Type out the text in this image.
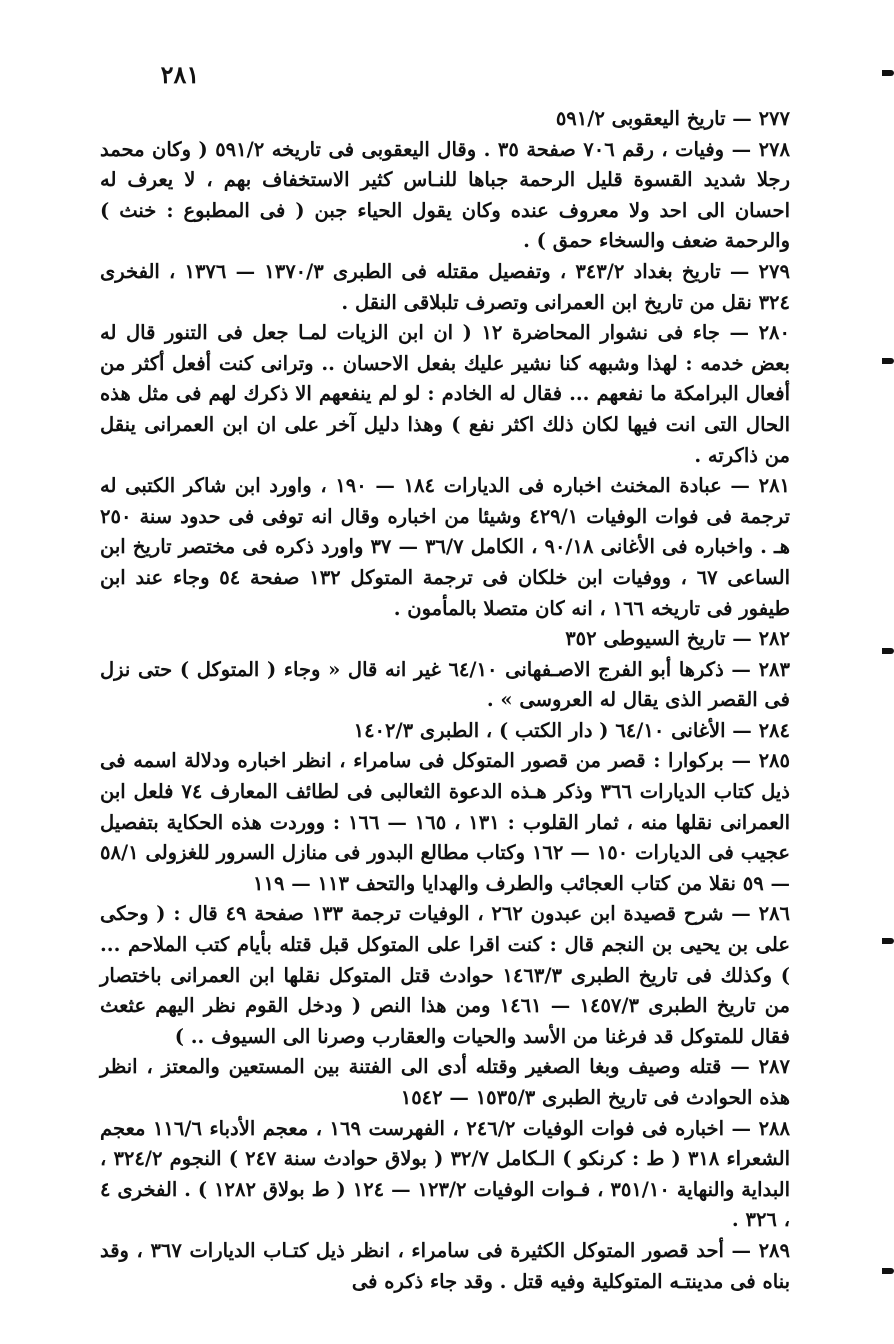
٢٨١

٢٧٧ — تاريخ اليعقوبى ٥٩١/٢

٢٧٨ — وفيات ، رقم ٧٠٦ صفحة ٣٥ . وقال اليعقوبى فى تاريخه ٥٩١/٢ ( وكان محمد رجلا شديد القسوة قليل الرحمة جباها للنـاس كثير الاستخفاف بهم ، لا يعرف له احسان الى احد ولا معروف عنده وكان يقول الحياء جبن ( فى المطبوع : خنث ) والرحمة ضعف والسخاء حمق ) .

٢٧٩ — تاريخ بغداد ٣٤٣/٢ ، وتفصيل مقتله فى الطبرى ١٣٧٠/٣ — ١٣٧٦ ، الفخرى ٣٢٤ نقل من تاريخ ابن العمرانى وتصرف تلبلاقى النقل .

٢٨٠ — جاء فى نشوار المحاضرة ١٢ ( ان ابن الزيات لمـا جعل فى التنور قال له بعض خدمه : لهذا وشبهه كنا نشير عليك بفعل الاحسان .. وترانى كنت أفعل أكثر من أفعال البرامكة ما نفعهم ... فقال له الخادم : لو لم ينفعهم الا ذكرك لهم فى مثل هذه الحال التى انت فيها لكان ذلك اكثر نفع ) وهذا دليل آخر على ان ابن العمرانى ينقل من ذاكرته .

٢٨١ — عبادة المخنث اخباره فى الديارات ١٨٤ — ١٩٠ ، واورد ابن شاكر الكتبى له ترجمة فى فوات الوفيات ٤٢٩/١ وشيئا من اخباره وقال انه توفى فى حدود سنة ٢٥٠ هـ . واخباره فى الأغانى ٩٠/١٨ ، الكامل ٣٦/٧ — ٣٧ واورد ذكره فى مختصر تاريخ ابن الساعى ٦٧ ، ووفيات ابن خلكان فى ترجمة المتوكل ١٣٢ صفحة ٥٤ وجاء عند ابن طيفور فى تاريخه ١٦٦ ، انه كان متصلا بالمأمون .

٢٨٢ — تاريخ السيوطى ٣٥٢

٢٨٣ — ذكرها أبو الفرج الاصـفهانى ٦٤/١٠ غير انه قال « وجاء ( المتوكل ) حتى نزل فى القصر الذى يقال له العروسى » .

٢٨٤ — الأغانى ٦٤/١٠ ( دار الكتب ) ، الطبرى ١٤٠٢/٣

٢٨٥ — بركوارا : قصر من قصور المتوكل فى سامراء ، انظر اخباره ودلالة اسمه فى ذيل كتاب الديارات ٣٦٦ وذكر هـذه الدعوة الثعالبى فى لطائف المعارف ٧٤ فلعل ابن العمرانى نقلها منه ، ثمار القلوب : ١٣١ ، ١٦٥ — ١٦٦ : ووردت هذه الحكاية بتفصيل عجيب فى الديارات ١٥٠ — ١٦٢ وكتاب مطالع البدور فى منازل السرور للغزولى ٥٨/١ — ٥٩ نقلا من كتاب العجائب والطرف والهدايا والتحف ١١٣ — ١١٩

٢٨٦ — شرح قصيدة ابن عبدون ٢٦٢ ، الوفيات ترجمة ١٣٣ صفحة ٤٩ قال : ( وحكى على بن يحيى بن النجم قال : كنت اقرا على المتوكل قبل قتله بأيام كتب الملاحم ... ) وكذلك فى تاريخ الطبرى ١٤٦٣/٣ حوادث قتل المتوكل نقلها ابن العمرانى باختصار من تاريخ الطبرى ١٤٥٧/٣ — ١٤٦١ ومن هذا النص ( ودخل القوم نظر اليهم عثعث فقال للمتوكل قد فرغنا من الأسد والحيات والعقارب وصرنا الى السيوف .. )

٢٨٧ — قتله وصيف وبغا الصغير وقتله أدى الى الفتنة بين المستعين والمعتز ، انظر هذه الحوادث فى تاريخ الطبرى ١٥٣٥/٣ — ١٥٤٢

٢٨٨ — اخباره فى فوات الوفيات ٢٤٦/٢ ، الفهرست ١٦٩ ، معجم الأدباء ١١٦/٦ معجم الشعراء ٣١٨ ( ط : كرنكو ) الـكامل ٣٢/٧ ( بولاق حوادث سنة ٢٤٧ ) النجوم ٣٢٤/٢ ، البداية والنهاية ٣٥١/١٠ ، فـوات الوفيات ١٢٣/٢ — ١٢٤ ( ط بولاق ١٢٨٢ ) . الفخرى ٤ ، ٣٢٦ .

٢٨٩ — أحد قصور المتوكل الكثيرة فى سامراء ، انظر ذيل كتـاب الديارات ٣٦٧ ، وقد بناه فى مدينتـه المتوكلية وفيه قتل . وقد جاء ذكره فى
